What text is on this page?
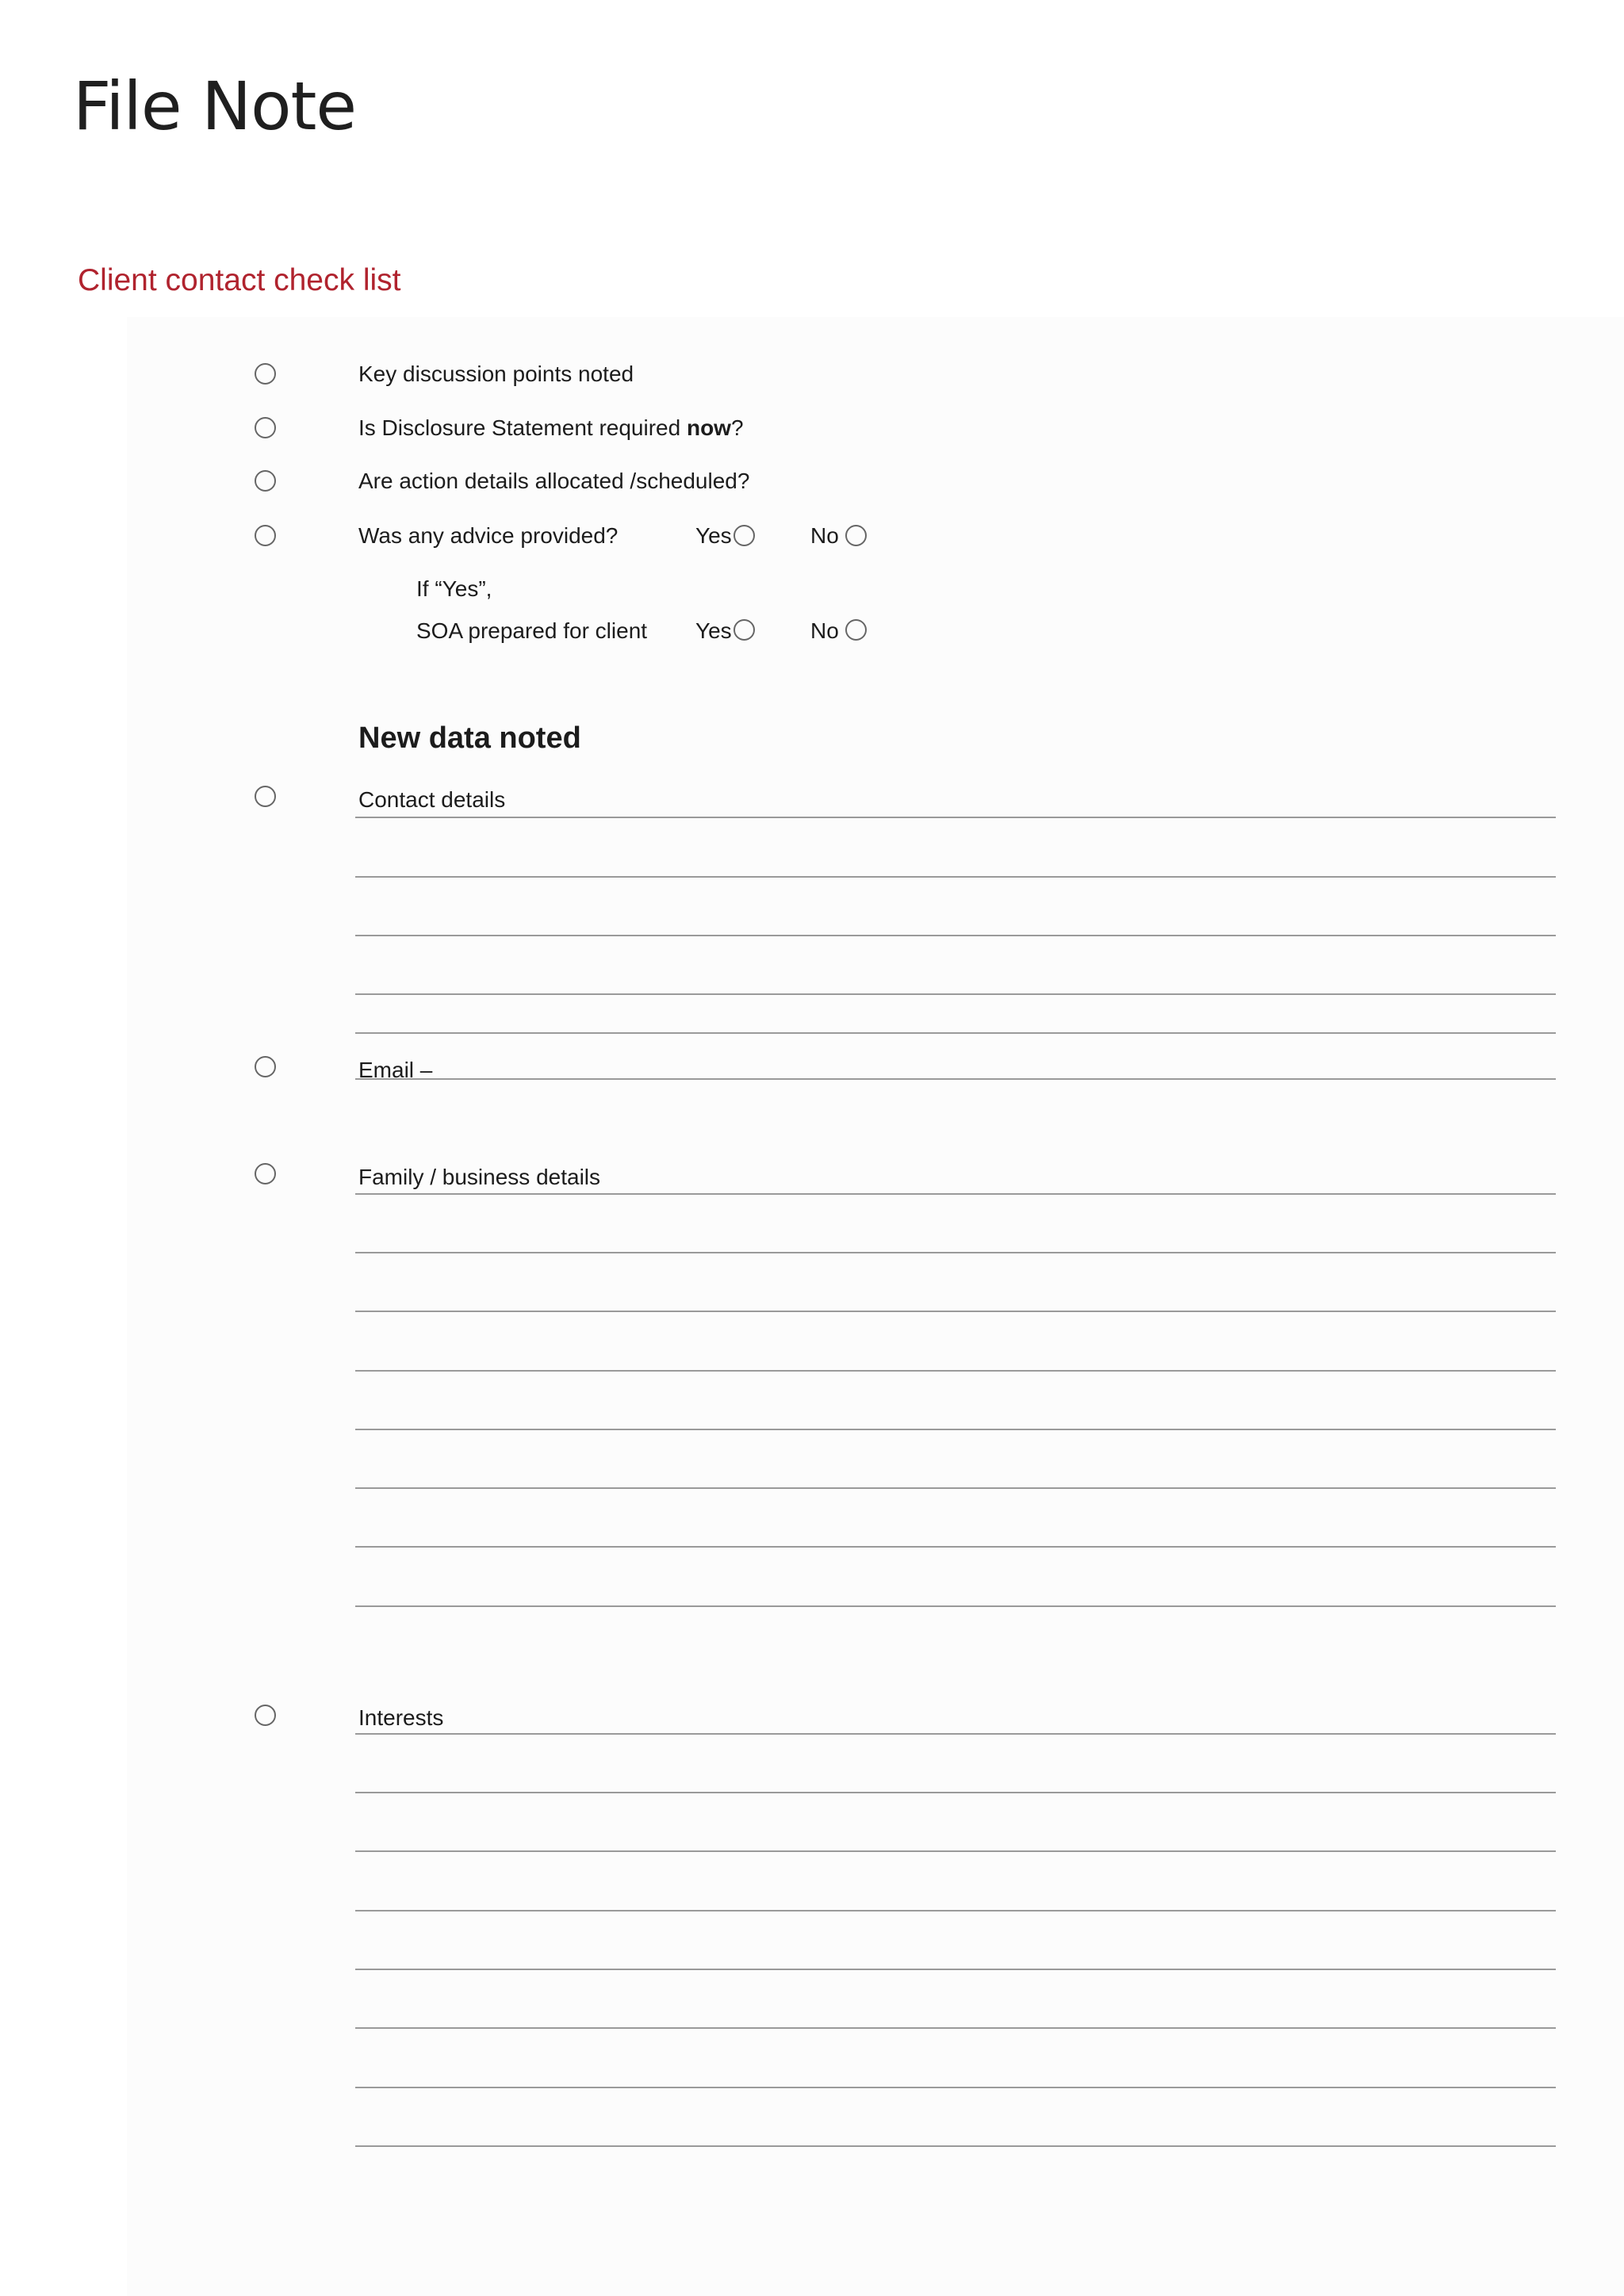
File Note
Client contact check list
Key discussion points noted
Is Disclosure Statement required now?
Are action details allocated /scheduled?
Was any advice provided?	Yes	No
If “Yes”,
SOA prepared for client Yes	No
New data noted
Contact details
Email –
Family / business details
Interests
